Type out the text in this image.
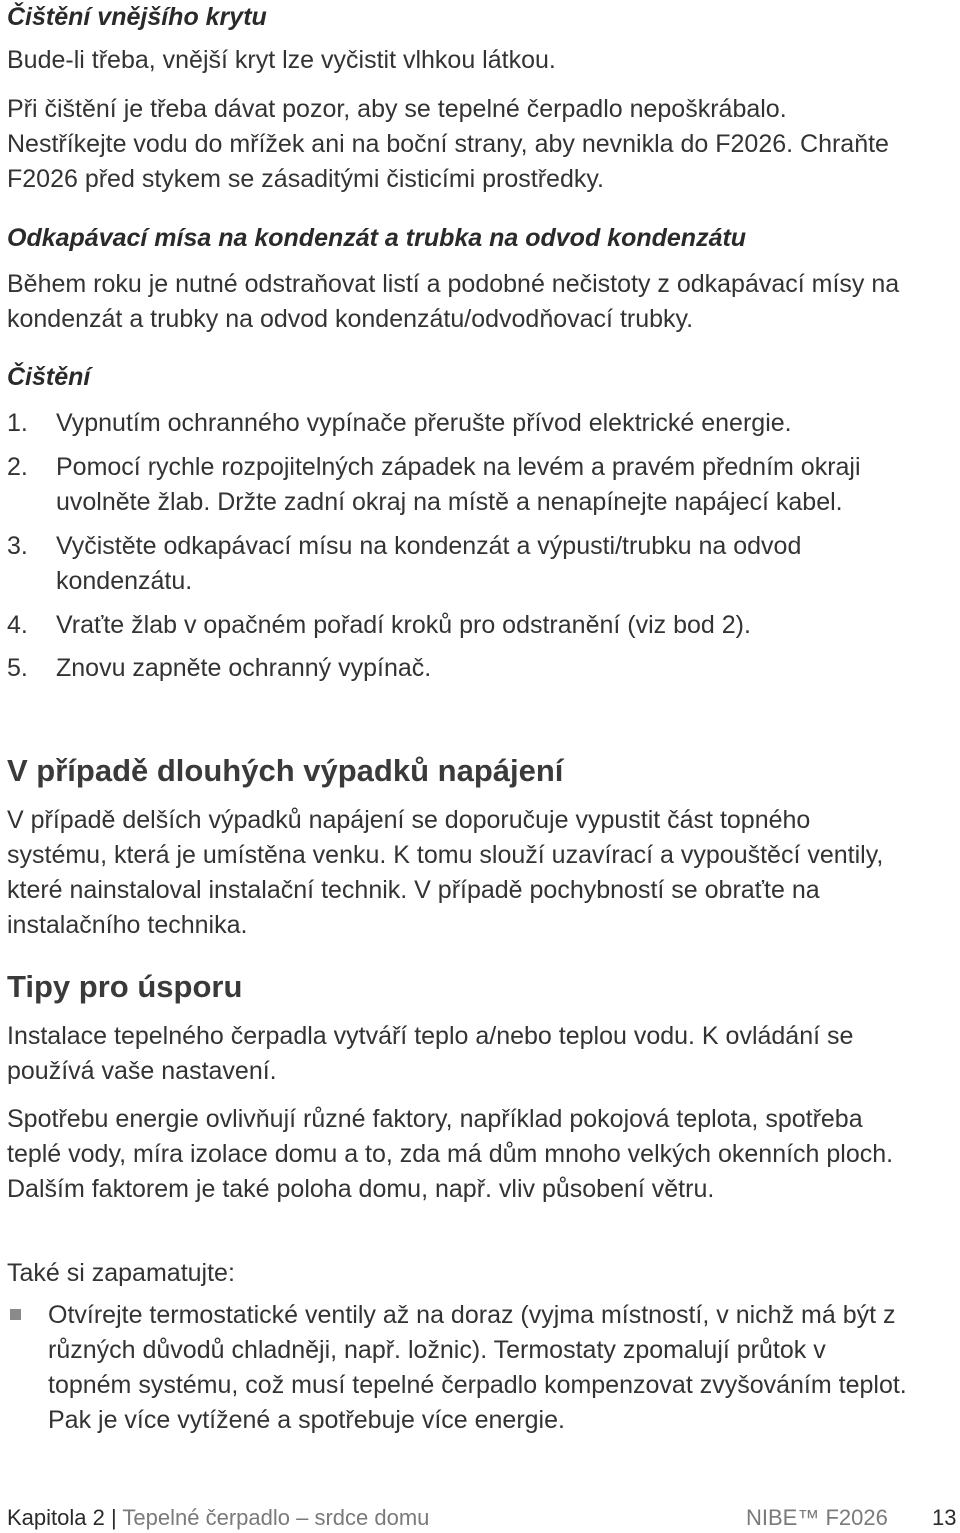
Čištění vnějšího krytu

Bude-li třeba, vnější kryt lze vyčistit vlhkou látkou.

Při čištění je třeba dávat pozor, aby se tepelné čerpadlo nepoškrábalo. Nestříkejte vodu do mřížek ani na boční strany, aby nevnikla do F2026. Chraňte F2026 před stykem se zásaditými čisticími prostředky.

Odkapávací mísa na kondenzát a trubka na odvod kondenzátu

Během roku je nutné odstraňovat listí a podobné nečistoty z odkapávací mísy na kondenzát a trubky na odvod kondenzátu/odvodňovací trubky.

Čištění
1. Vypnutím ochranného vypínače přerušte přívod elektrické energie.
2. Pomocí rychle rozpojitelných západek na levém a pravém předním okraji uvolněte žlab. Držte zadní okraj na místě a nenapínejte napájecí kabel.
3. Vyčistěte odkapávací mísu na kondenzát a výpusti/trubku na odvod kondenzátu.
4. Vraťte žlab v opačném pořadí kroků pro odstranění (viz bod 2).
5. Znovu zapněte ochranný vypínač.
V případě dlouhých výpadků napájení

V případě delších výpadků napájení se doporučuje vypustit část topného systému, která je umístěna venku. K tomu slouží uzavírací a vypouštěcí ventily, které nainstaloval instalační technik. V případě pochybností se obraťte na instalačního technika.

Tipy pro úsporu

Instalace tepelného čerpadla vytváří teplo a/nebo teplou vodu. K ovládání se používá vaše nastavení.

Spotřebu energie ovlivňují různé faktory, například pokojová teplota, spotřeba teplé vody, míra izolace domu a to, zda má dům mnoho velkých okenních ploch. Dalším faktorem je také poloha domu, např. vliv působení větru.

Také si zapamatujte:

Otvírejte termostatické ventily až na doraz (vyjma místností, v nichž má být z různých důvodů chladněji, např. ložnic). Termostaty zpomalují průtok v topném systému, což musí tepelné čerpadlo kompenzovat zvyšováním teplot. Pak je více vytížené a spotřebuje více energie.
Kapitola 2 | Tepelné čerpadlo – srdce domu	NIBE™ F2026 13
